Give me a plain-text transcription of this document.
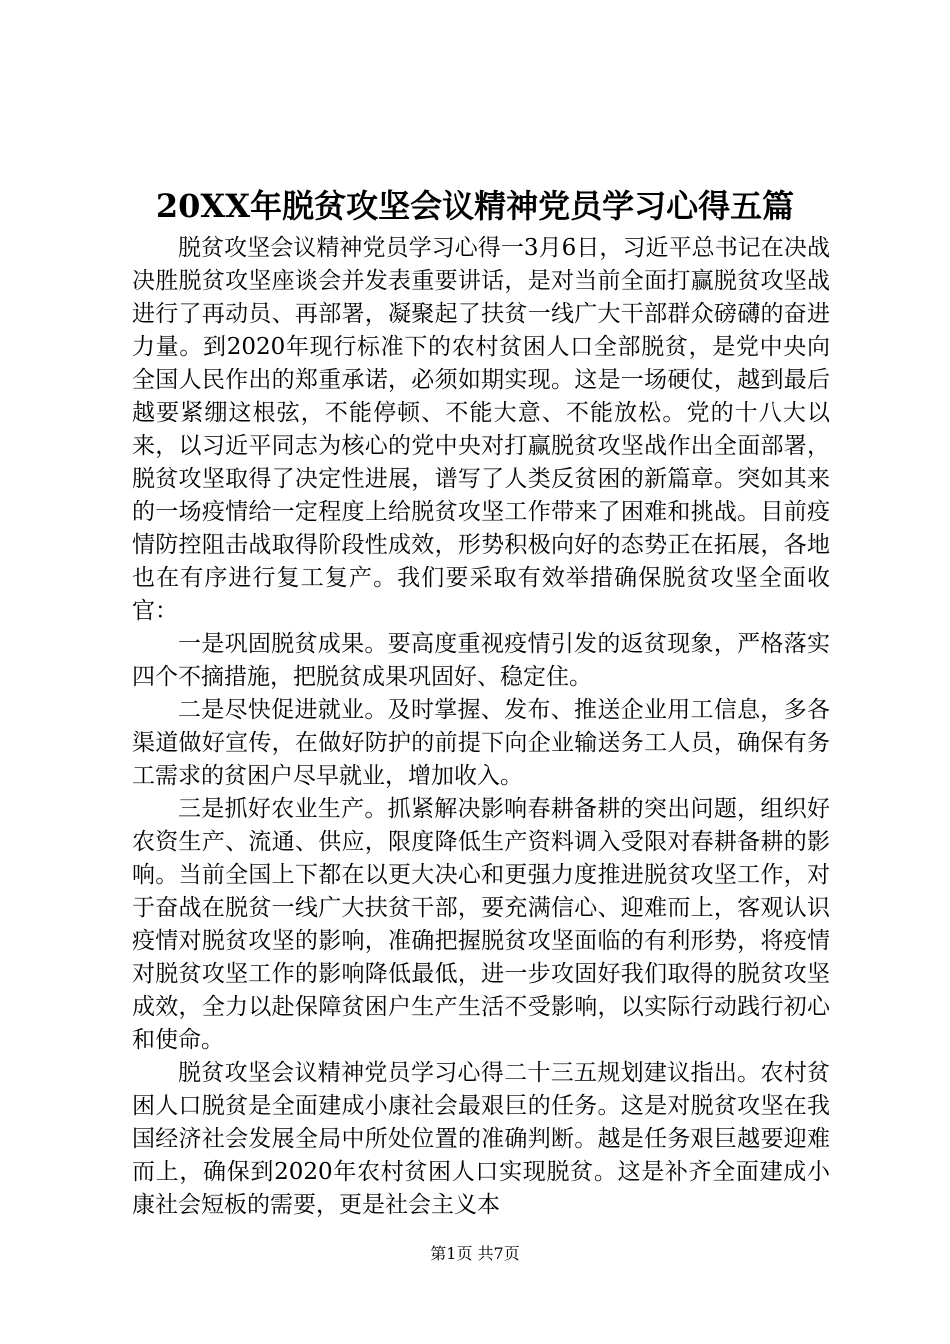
20XX年脱贫攻坚会议精神党员学习心得五篇

脱贫攻坚会议精神党员学习心得一3月6日，习近平总书记在决战决胜脱贫攻坚座谈会并发表重要讲话，是对当前全面打赢脱贫攻坚战进行了再动员、再部署，凝聚起了扶贫一线广大干部群众磅礴的奋进力量。到2020年现行标准下的农村贫困人口全部脱贫，是党中央向全国人民作出的郑重承诺，必须如期实现。这是一场硬仗，越到最后越要紧绷这根弦，不能停顿、不能大意、不能放松。党的十八大以来，以习近平同志为核心的党中央对打赢脱贫攻坚战作出全面部署，脱贫攻坚取得了决定性进展，谱写了人类反贫困的新篇章。突如其来的一场疫情给一定程度上给脱贫攻坚工作带来了困难和挑战。目前疫情防控阻击战取得阶段性成效，形势积极向好的态势正在拓展，各地也在有序进行复工复产。我们要采取有效举措确保脱贫攻坚全面收官：

一是巩固脱贫成果。要高度重视疫情引发的返贫现象，严格落实四个不摘措施，把脱贫成果巩固好、稳定住。

二是尽快促进就业。及时掌握、发布、推送企业用工信息，多各渠道做好宣传，在做好防护的前提下向企业输送务工人员，确保有务工需求的贫困户尽早就业，增加收入。

三是抓好农业生产。抓紧解决影响春耕备耕的突出问题，组织好农资生产、流通、供应，限度降低生产资料调入受限对春耕备耕的影响。当前全国上下都在以更大决心和更强力度推进脱贫攻坚工作，对于奋战在脱贫一线广大扶贫干部，要充满信心、迎难而上，客观认识疫情对脱贫攻坚的影响，准确把握脱贫攻坚面临的有利形势，将疫情对脱贫攻坚工作的影响降低最低，进一步攻固好我们取得的脱贫攻坚成效，全力以赴保障贫困户生产生活不受影响，以实际行动践行初心和使命。

脱贫攻坚会议精神党员学习心得二十三五规划建议指出。农村贫困人口脱贫是全面建成小康社会最艰巨的任务。这是对脱贫攻坚在我国经济社会发展全局中所处位置的准确判断。越是任务艰巨越要迎难而上，确保到2020年农村贫困人口实现脱贫。这是补齐全面建成小康社会短板的需要，更是社会主义本

第1页 共7页
